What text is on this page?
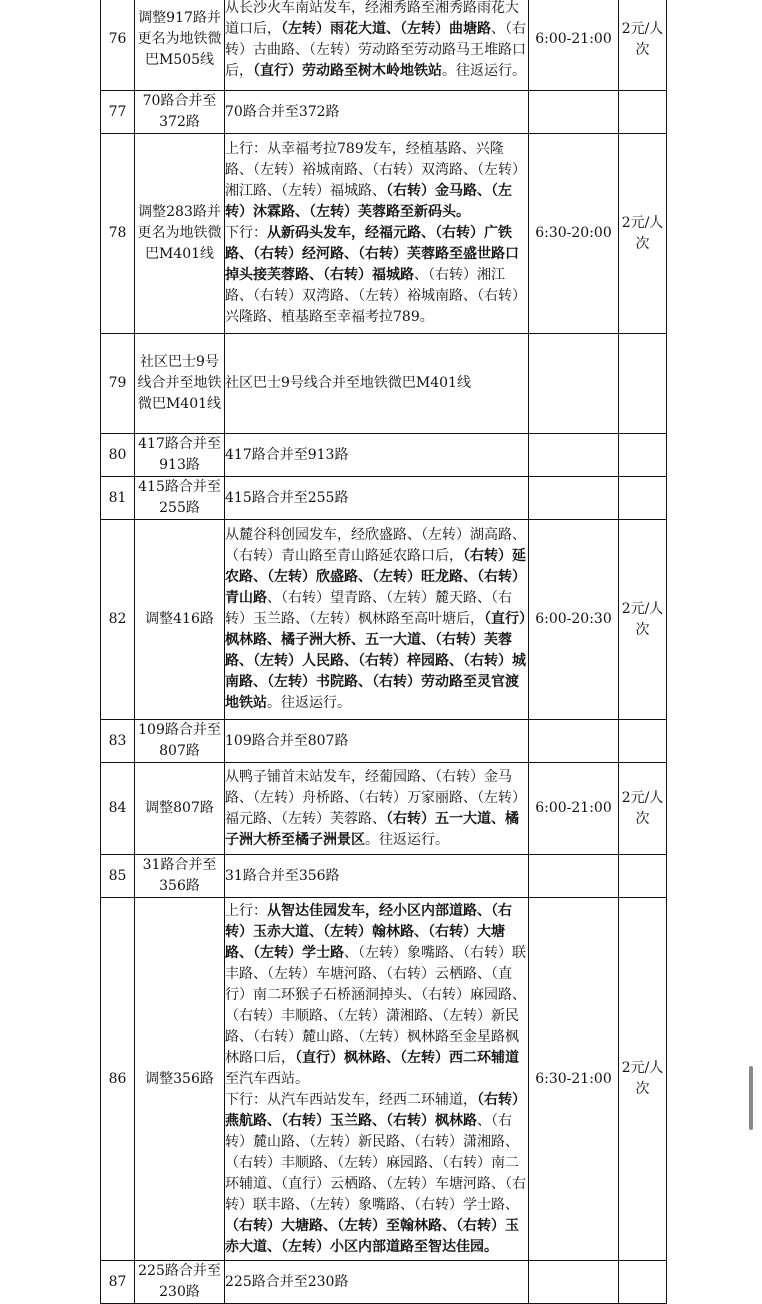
76	调整917路并更名为地铁微巴M505线	从长沙火车南站发车，经湘秀路至湘秀路雨花大道口后，（左转）雨花大道、（左转）曲塘路、（右转）古曲路、（左转）劳动路至劳动路马王堆路口后，（直行）劳动路至树木岭地铁站。往返运行。	6:00-21:00	2元/人次
77	70路合并至372路	70路合并至372路		
78	调整283路并更名为地铁微巴M401线	上行：从幸福考拉789发车，经植基路、兴隆路、（左转）裕城南路、（右转）双湾路、（左转）湘江路、（左转）福城路、（右转）金马路、（左转）沐霖路、（左转）芙蓉路至新码头。
下行：从新码头发车，经福元路、（右转）广铁路、（右转）经河路、（右转）芙蓉路至盛世路口掉头接芙蓉路、（右转）福城路、（右转）湘江路、（右转）双湾路、（左转）裕城南路、（右转）兴隆路、植基路至幸福考拉789。	6:30-20:00	2元/人次
79	社区巴士9号线合并至地铁微巴M401线	社区巴士9号线合并至地铁微巴M401线		
80	417路合并至913路	417路合并至913路		
81	415路合并至255路	415路合并至255路		
82	调整416路	从麓谷科创园发车，经欣盛路、（左转）湖高路、（右转）青山路至青山路延农路口后，（右转）延农路、（左转）欣盛路、（左转）旺龙路、（右转）青山路、（右转）望青路、（左转）麓天路、（右转）玉兰路、（左转）枫林路至高叶塘后，（直行）枫林路、橘子洲大桥、五一大道、（右转）芙蓉路、（左转）人民路、（右转）梓园路、（右转）城南路、（左转）书院路、（右转）劳动路至灵官渡地铁站。往返运行。	6:00-20:30	2元/人次
83	109路合并至807路	109路合并至807路		
84	调整807路	从鸭子铺首末站发车，经葡园路、（右转）金马路、（左转）舟桥路、（右转）万家丽路、（左转）福元路、（左转）芙蓉路、（右转）五一大道、橘子洲大桥至橘子洲景区。往返运行。	6:00-21:00	2元/人次
85	31路合并至356路	31路合并至356路		
86	调整356路	上行：从智达佳园发车，经小区内部道路、（右转）玉赤大道、（左转）翰林路、（右转）大塘路、（左转）学士路、（左转）象嘴路、（右转）联丰路、（左转）车塘河路、（右转）云栖路、（直行）南二环猴子石桥涵洞掉头、（右转）麻园路、（右转）丰顺路、（左转）潇湘路、（左转）新民路、（右转）麓山路、（左转）枫林路至金星路枫林路口后，（直行）枫林路、（左转）西二环辅道至汽车西站。
下行：从汽车西站发车，经西二环辅道，（右转）燕航路、（右转）玉兰路、（右转）枫林路、（右转）麓山路、（左转）新民路、（右转）潇湘路、（右转）丰顺路、（左转）麻园路、（右转）南二环辅道、（直行）云栖路、（左转）车塘河路、（右转）联丰路、（左转）象嘴路、（右转）学士路、（右转）大塘路、（左转）至翰林路、（右转）玉赤大道、（左转）小区内部道路至智达佳园。	6:30-21:00	2元/人次
87	225路合并至230路	225路合并至230路		
